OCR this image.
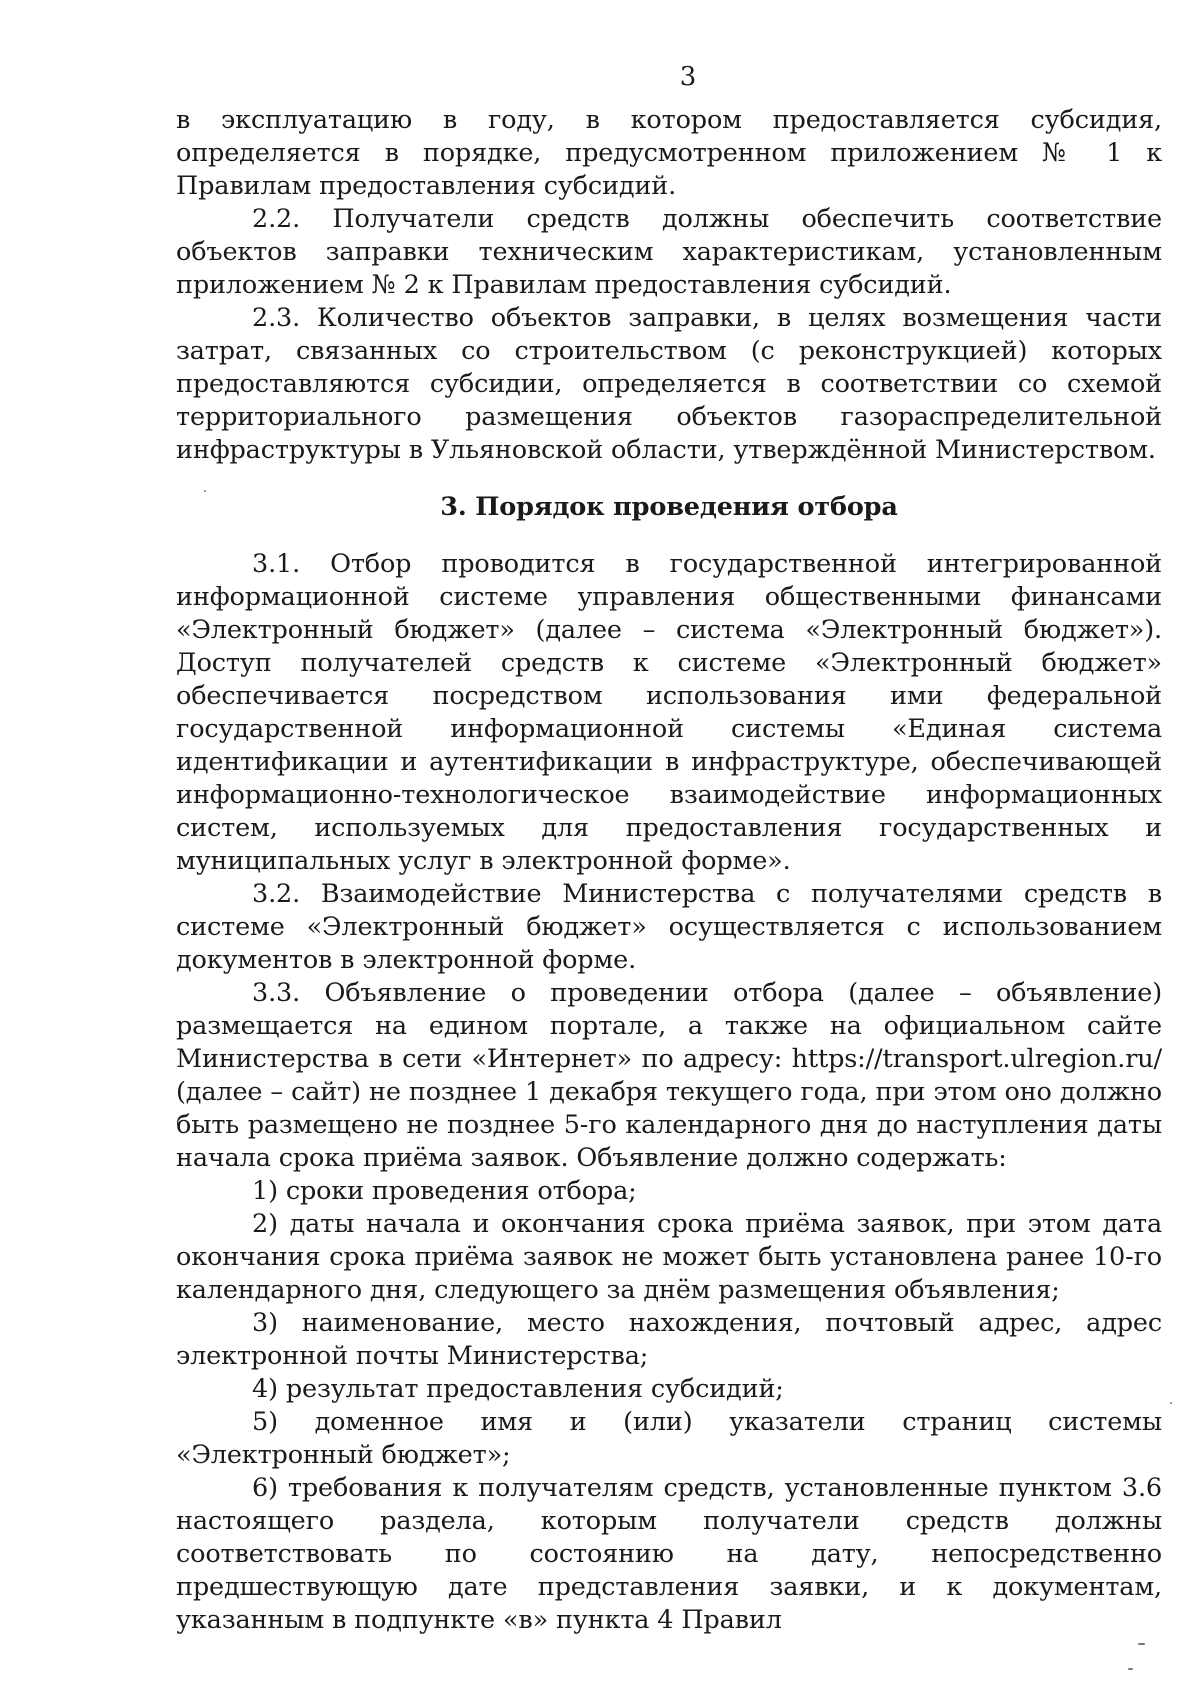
3

в эксплуатацию в году, в котором предоставляется субсидия, определяется в порядке, предусмотренном приложением № 1 к Правилам предоставления субсидий.

2.2. Получатели средств должны обеспечить соответствие объектов заправки техническим характеристикам, установленным приложением № 2 к Правилам предоставления субсидий.

2.3. Количество объектов заправки, в целях возмещения части затрат, связанных со строительством (с реконструкцией) которых предоставляются субсидии, определяется в соответствии со схемой территориального размещения объектов газораспределительной инфраструктуры в Ульяновской области, утверждённой Министерством.

3. Порядок проведения отбора

3.1. Отбор проводится в государственной интегрированной информационной системе управления общественными финансами «Электронный бюджет» (далее – система «Электронный бюджет»). Доступ получателей средств к системе «Электронный бюджет» обеспечивается посредством использования ими федеральной государственной информационной системы «Единая система идентификации и аутентификации в инфраструктуре, обеспечивающей информационно-технологическое взаимодействие информационных систем, используемых для предоставления государственных и муниципальных услуг в электронной форме».

3.2. Взаимодействие Министерства с получателями средств в системе «Электронный бюджет» осуществляется с использованием документов в электронной форме.

3.3. Объявление о проведении отбора (далее – объявление) размещается на едином портале, а также на официальном сайте Министерства в сети «Интернет» по адресу: https://transport.ulregion.ru/ (далее – сайт) не позднее 1 декабря текущего года, при этом оно должно быть размещено не позднее 5-го календарного дня до наступления даты начала срока приёма заявок. Объявление должно содержать:

1) сроки проведения отбора;

2) даты начала и окончания срока приёма заявок, при этом дата окончания срока приёма заявок не может быть установлена ранее 10-го календарного дня, следующего за днём размещения объявления;

3) наименование, место нахождения, почтовый адрес, адрес электронной почты Министерства;

4) результат предоставления субсидий;

5) доменное имя и (или) указатели страниц системы «Электронный бюджет»;

6) требования к получателям средств, установленные пунктом 3.6 настоящего раздела, которым получатели средств должны соответствовать по состоянию на дату, непосредственно предшествующую дате представления заявки, и к документам, указанным в подпункте «в» пункта 4 Правил
